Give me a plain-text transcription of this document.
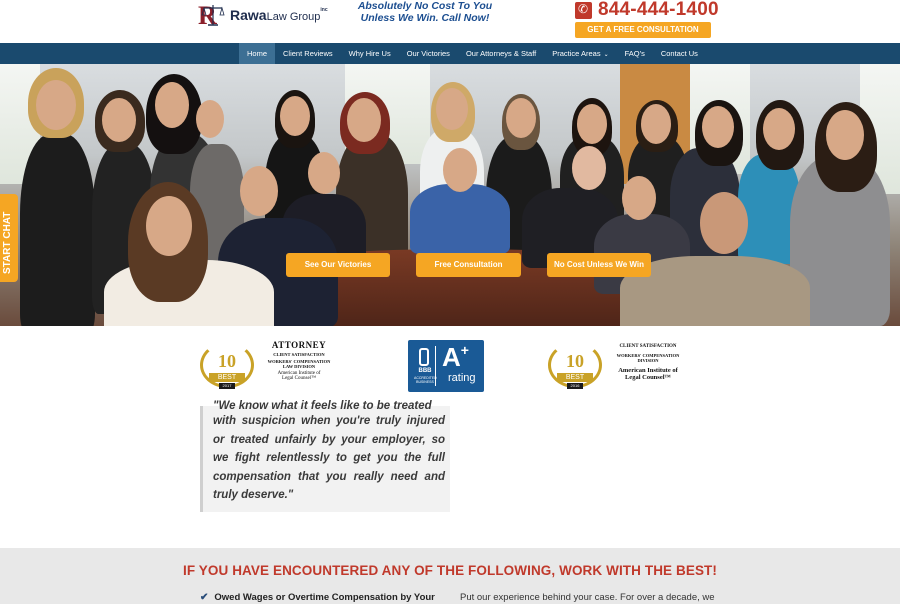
R RawaLaw Group$^{inc}$	Absolutely No Cost To You
Unless We Win. Call Now!
✆	844-444-1400
GET A FREE CONSULTATION
Home	Client Reviews	Why Hire Us	Our Victories	Our Attorneys & Staff	Practice Areas ⌄	FAQ's	Contact Us
See Our Victories	Free Consultation	No Cost Unless We Win
START CHAT
10
BEST
2017
ATTORNEY
CLIENT SATISFACTION
WORKERS' COMPENSATION
LAW DIVISION
American Institute of
Legal Counsel™
10
BEST
2016
CLIENT SATISFACTION
WORKERS' COMPENSATION
DIVISION
American Institute of
Legal Counsel™
BBB
ACCREDITED
BUSINESS
A+
rating
"We know what it feels like to be treated
with suspicion when you're truly injured or treated unfairly by your employer, so we fight relentlessly to get you the full compensation that you really need and truly deserve."
IF YOU HAVE ENCOUNTERED ANY OF THE FOLLOWING, WORK WITH THE BEST!
✔ Owed Wages or Overtime Compensation by Your	Put our experience behind your case. For over a decade, we
